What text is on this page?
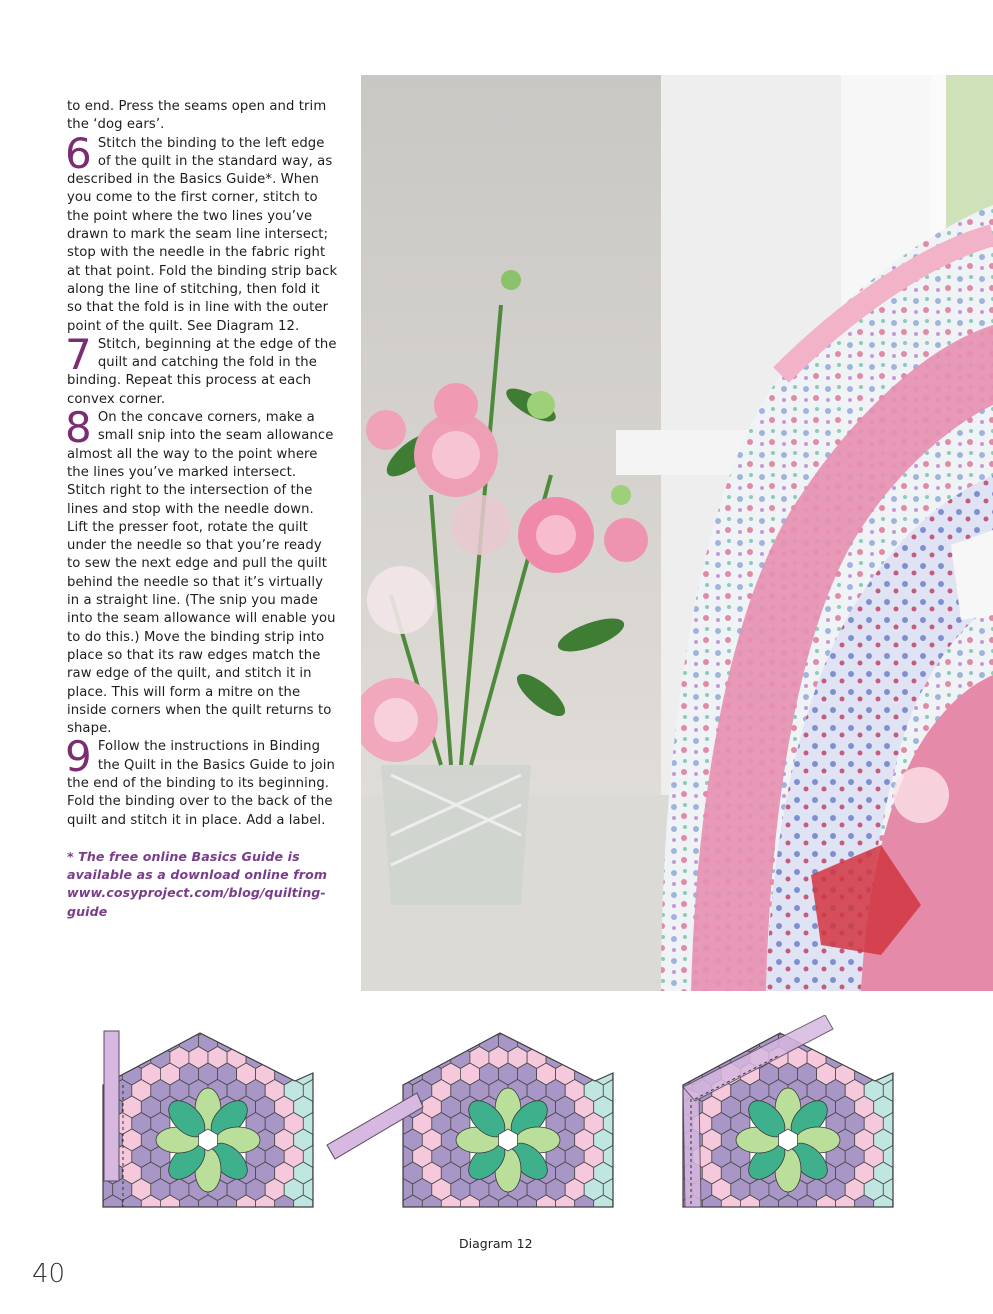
to end. Press the seams open and trim the ‘dog ears’.

6 Stitch the binding to the left edge of the quilt in the standard way, as described in the Basics Guide*. When you come to the first corner, stitch to the point where the two lines you’ve drawn to mark the seam line intersect; stop with the needle in the fabric right at that point. Fold the binding strip back along the line of stitching, then fold it so that the fold is in line with the outer point of the quilt. See Diagram 12.
7 Stitch, beginning at the edge of the quilt and catching the fold in the binding. Repeat this process at each convex corner.
8 On the concave corners, make a small snip into the seam allowance almost all the way to the point where the lines you’ve marked intersect. Stitch right to the intersection of the lines and stop with the needle down. Lift the presser foot, rotate the quilt under the needle so that you’re ready to sew the next edge and pull the quilt behind the needle so that it’s virtually in a straight line. (The snip you made into the seam allowance will enable you to do this.) Move the binding strip into place so that its raw edges match the raw edge of the quilt, and stitch it in place. This will form a mitre on the inside corners when the quilt returns to shape.
9 Follow the instructions in Binding the Quilt in the Basics Guide to join the end of the binding to its beginning. Fold the binding over to the back of the quilt and stitch it in place. Add a label.

* The free online Basics Guide is available as a download online from www.cosyproject.com/blog/quilting-guide

Diagram 12
40
